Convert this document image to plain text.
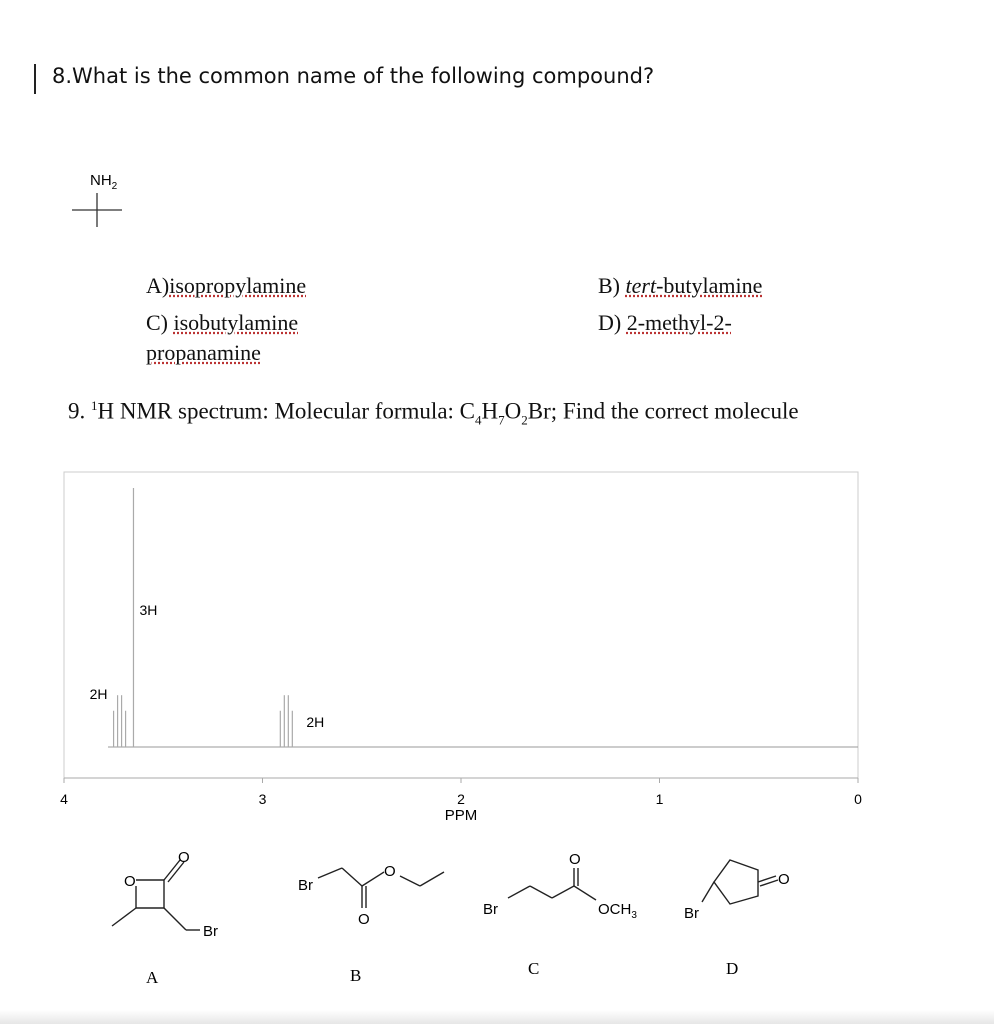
8.What is the common name of the following compound?
$NH_2$
A)isopropylamine	B) tert-butylamine
C) isobutylamine	D) 2-methyl-2-
propanamine
9. $^1$H NMR spectrum: Molecular formula: $C_4H_7O_2Br$; Find the correct molecule
4	3	2	1	0
2H
3H
2H
PPM
O
O
Br
A
Br
O
O
B
Br
O
$OCH_3$
C
O
Br
D
